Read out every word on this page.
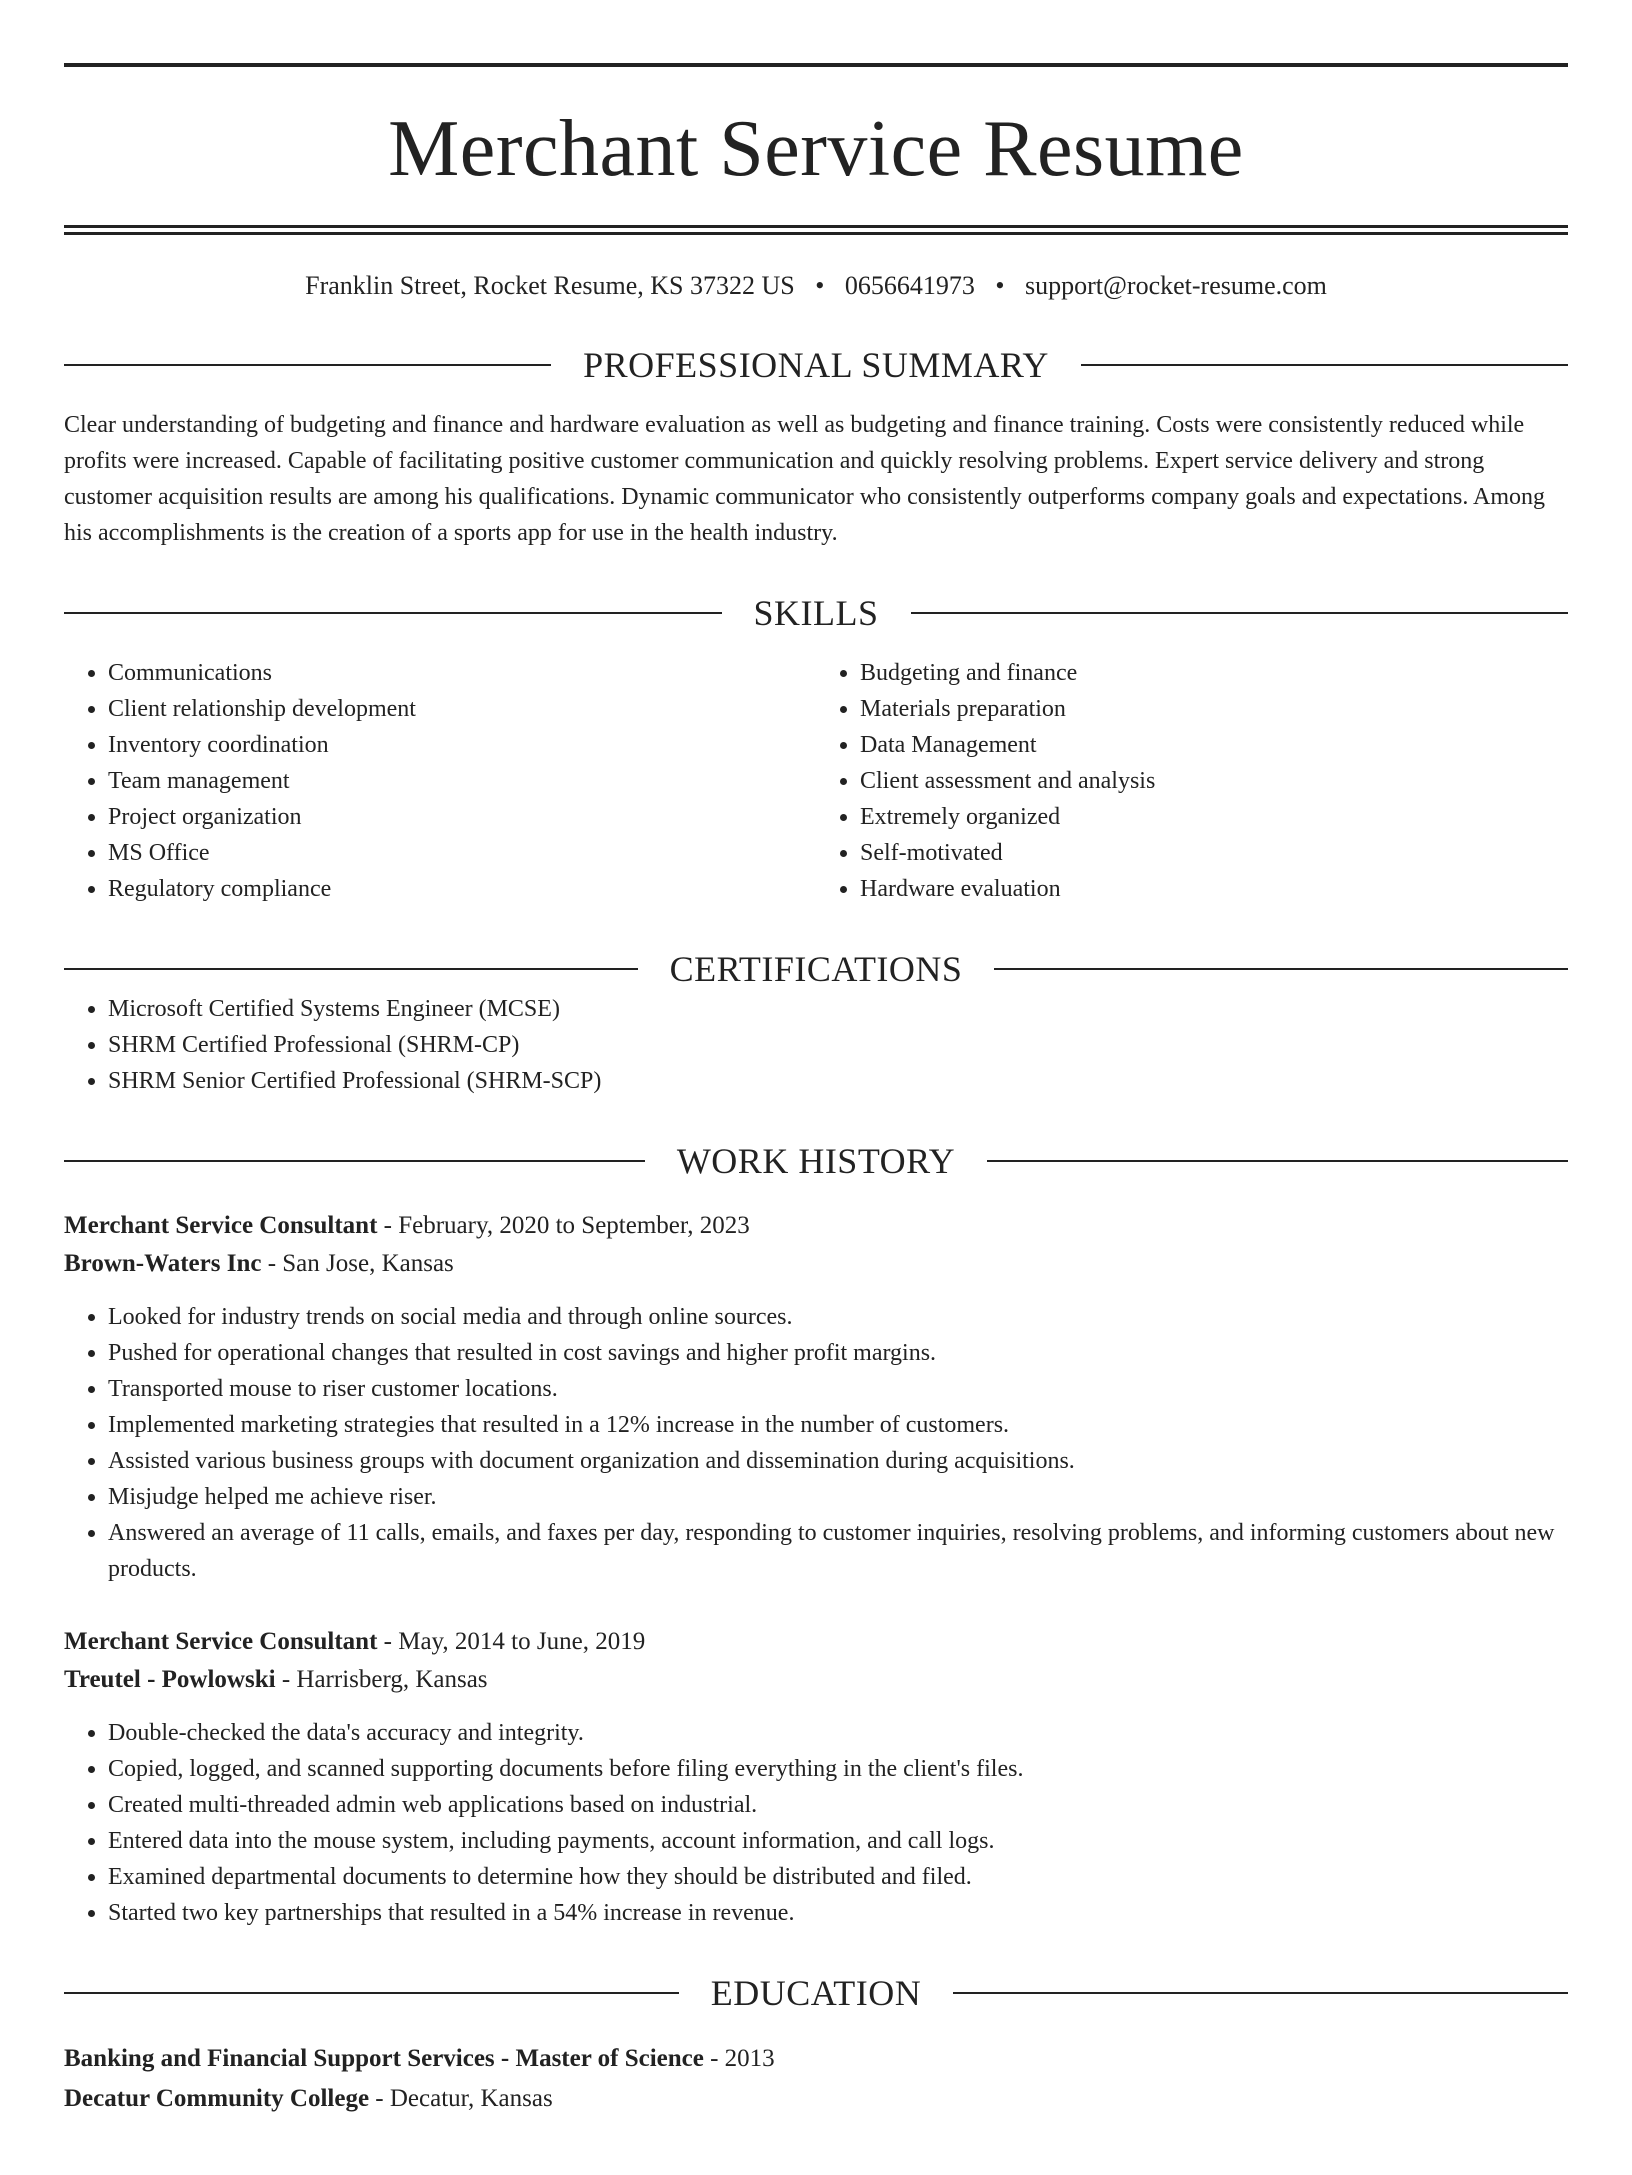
Merchant Service Resume
Franklin Street, Rocket Resume, KS 37322 US • 0656641973 • support@rocket-resume.com
PROFESSIONAL SUMMARY
Clear understanding of budgeting and finance and hardware evaluation as well as budgeting and finance training. Costs were consistently reduced while profits were increased. Capable of facilitating positive customer communication and quickly resolving problems. Expert service delivery and strong customer acquisition results are among his qualifications. Dynamic communicator who consistently outperforms company goals and expectations. Among his accomplishments is the creation of a sports app for use in the health industry.
SKILLS
• Communications
• Client relationship development
• Inventory coordination
• Team management
• Project organization
• MS Office
• Regulatory compliance
• Budgeting and finance
• Materials preparation
• Data Management
• Client assessment and analysis
• Extremely organized
• Self-motivated
• Hardware evaluation
CERTIFICATIONS
• Microsoft Certified Systems Engineer (MCSE)
• SHRM Certified Professional (SHRM-CP)
• SHRM Senior Certified Professional (SHRM-SCP)
WORK HISTORY
Merchant Service Consultant - February, 2020 to September, 2023
Brown-Waters Inc - San Jose, Kansas
• Looked for industry trends on social media and through online sources.
• Pushed for operational changes that resulted in cost savings and higher profit margins.
• Transported mouse to riser customer locations.
• Implemented marketing strategies that resulted in a 12% increase in the number of customers.
• Assisted various business groups with document organization and dissemination during acquisitions.
• Misjudge helped me achieve riser.
• Answered an average of 11 calls, emails, and faxes per day, responding to customer inquiries, resolving problems, and informing customers about new products.
Merchant Service Consultant - May, 2014 to June, 2019
Treutel - Powlowski - Harrisberg, Kansas
• Double-checked the data's accuracy and integrity.
• Copied, logged, and scanned supporting documents before filing everything in the client's files.
• Created multi-threaded admin web applications based on industrial.
• Entered data into the mouse system, including payments, account information, and call logs.
• Examined departmental documents to determine how they should be distributed and filed.
• Started two key partnerships that resulted in a 54% increase in revenue.
EDUCATION
Banking and Financial Support Services - Master of Science - 2013
Decatur Community College - Decatur, Kansas
